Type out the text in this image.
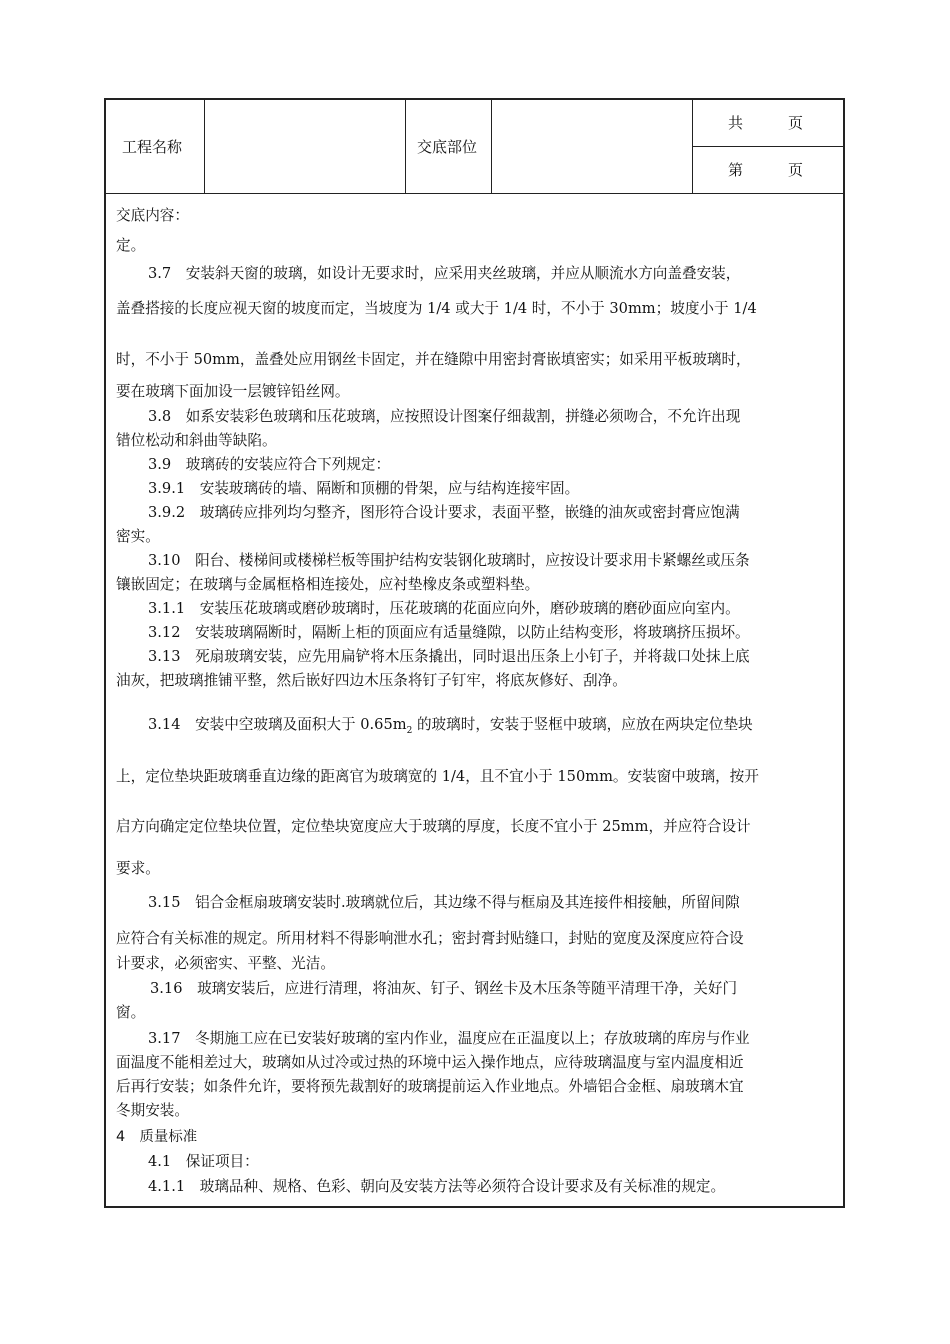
工程名称	交底部位
共　　　页
第　　　页
交底内容：
定。
3.7　安装斜天窗的玻璃，如设计无要求时，应采用夹丝玻璃，并应从顺流水方向盖叠安装，
盖叠搭接的长度应视天窗的坡度而定，当坡度为 1/4 或大于 1/4 时，不小于 30mm；坡度小于 1/4
时，不小于 50mm，盖叠处应用钢丝卡固定，并在缝隙中用密封膏嵌填密实；如采用平板玻璃时，
要在玻璃下面加设一层镀锌铅丝网。
3.8　如系安装彩色玻璃和压花玻璃，应按照设计图案仔细裁割，拼缝必须吻合，不允许出现
错位松动和斜曲等缺陷。
3.9　玻璃砖的安装应符合下列规定：
3.9.1　安装玻璃砖的墙、隔断和顶棚的骨架，应与结构连接牢固。
3.9.2　玻璃砖应排列均匀整齐，图形符合设计要求，表面平整，嵌缝的油灰或密封膏应饱满
密实。
3.10　阳台、楼梯间或楼梯栏板等围护结构安装钢化玻璃时，应按设计要求用卡紧螺丝或压条
镶嵌固定；在玻璃与金属框格相连接处，应衬垫橡皮条或塑料垫。
3.1.1　安装压花玻璃或磨砂玻璃时，压花玻璃的花面应向外，磨砂玻璃的磨砂面应向室内。
3.12　安装玻璃隔断时，隔断上柜的顶面应有适量缝隙，以防止结构变形，将玻璃挤压损坏。
3.13　死扇玻璃安装，应先用扁铲将木压条撬出，同时退出压条上小钉子，并将裁口处抹上底
油灰，把玻璃推铺平整，然后嵌好四边木压条将钉子钉牢，将底灰修好、刮净。
3.14　安装中空玻璃及面积大于 $0.65m_2$ 的玻璃时，安装于竖框中玻璃，应放在两块定位垫块
上，定位垫块距玻璃垂直边缘的距离官为玻璃宽的 1/4，且不宜小于 150mm。安装窗中玻璃，按开
启方向确定定位垫块位置，定位垫块宽度应大于玻璃的厚度，长度不宜小于 25mm，并应符合设计
要求。
3.15　铝合金框扇玻璃安装时.玻璃就位后，其边缘不得与框扇及其连接件相接触，所留间隙
应符合有关标准的规定。所用材料不得影响泄水孔；密封膏封贴缝口，封贴的宽度及深度应符合设
计要求，必须密实、平整、光洁。
3.16　玻璃安装后，应进行清理，将油灰、钉子、钢丝卡及木压条等随平清理干净，关好门
窗。
3.17　冬期施工应在已安装好玻璃的室内作业，温度应在正温度以上；存放玻璃的库房与作业
面温度不能相差过大，玻璃如从过冷或过热的环境中运入操作地点，应待玻璃温度与室内温度相近
后再行安装；如条件允许，要将预先裁割好的玻璃提前运入作业地点。外墙铝合金框、扇玻璃木宜
冬期安装。
4　质量标准
4.1　保证项目：
4.1.1　玻璃品种、规格、色彩、朝向及安装方法等必须符合设计要求及有关标准的规定。
